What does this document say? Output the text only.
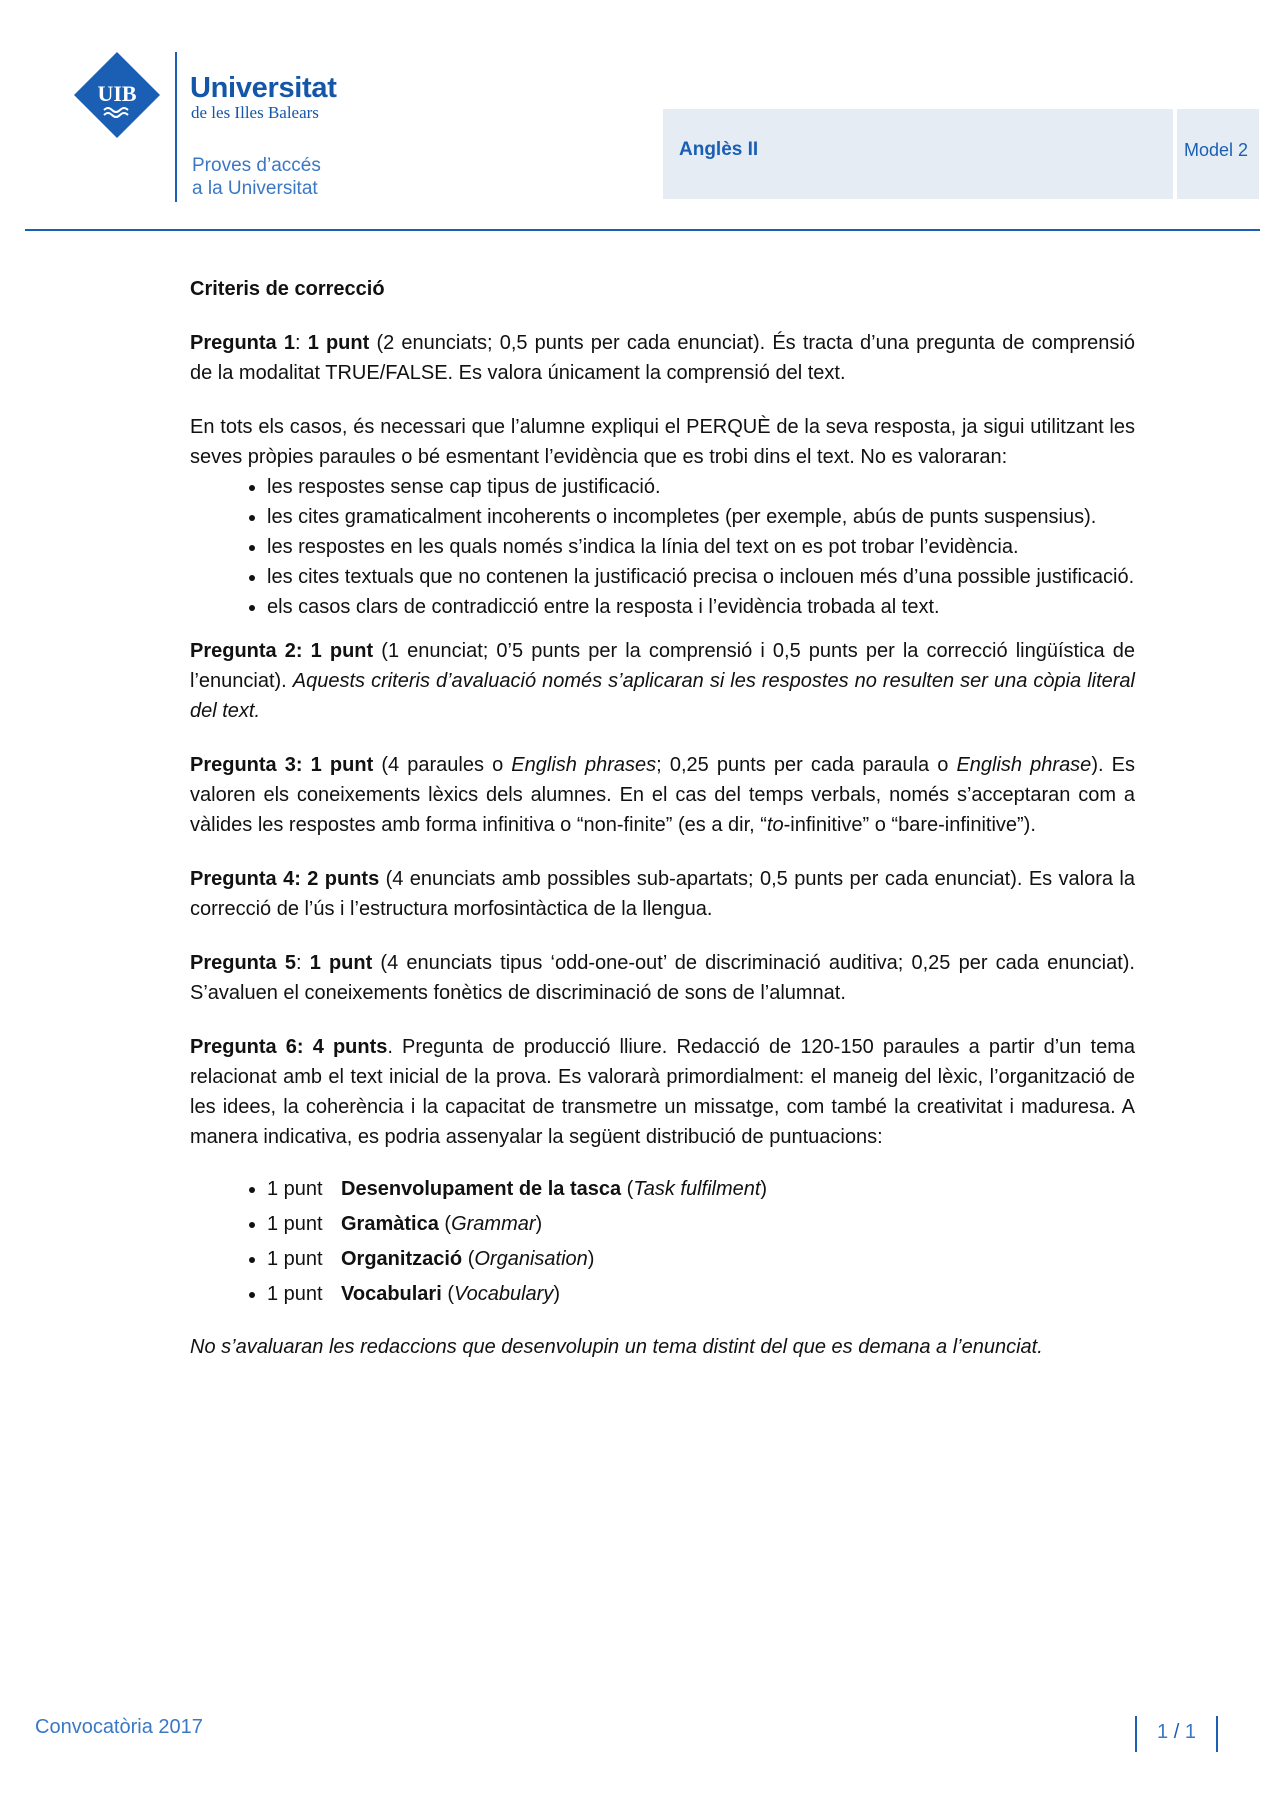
UIB Universitat
de les Illes Balears
Proves d’accés
a la Universitat
Anglès II	Model 2
Criteris de correcció

Pregunta 1: 1 punt (2 enunciats; 0,5 punts per cada enunciat). És tracta d’una pregunta de comprensió de la modalitat TRUE/FALSE. Es valora únicament la comprensió del text.

En tots els casos, és necessari que l’alumne expliqui el PERQUÈ de la seva resposta, ja sigui utilitzant les seves pròpies paraules o bé esmentant l’evidència que es trobi dins el text. No es valoraran:

• les respostes sense cap tipus de justificació.
• les cites gramaticalment incoherents o incompletes (per exemple, abús de punts suspensius).
• les respostes en les quals només s’indica la línia del text on es pot trobar l’evidència.
• les cites textuals que no contenen la justificació precisa o inclouen més d’una possible justificació.
• els casos clars de contradicció entre la resposta i l’evidència trobada al text.

Pregunta 2: 1 punt (1 enunciat; 0’5 punts per la comprensió i 0,5 punts per la correcció lingüística de l’enunciat). Aquests criteris d’avaluació només s’aplicaran si les respostes no resulten ser una còpia literal del text.

Pregunta 3: 1 punt (4 paraules o English phrases; 0,25 punts per cada paraula o English phrase). Es valoren els coneixements lèxics dels alumnes. En el cas del temps verbals, només s’acceptaran com a vàlides les respostes amb forma infinitiva o “non-finite” (es a dir, “to-infinitive” o “bare-infinitive”).

Pregunta 4: 2 punts (4 enunciats amb possibles sub-apartats; 0,5 punts per cada enunciat). Es valora la correcció de l’ús i l’estructura morfosintàctica de la llengua.

Pregunta 5: 1 punt (4 enunciats tipus ‘odd-one-out’ de discriminació auditiva; 0,25 per cada enunciat). S’avaluen el coneixements fonètics de discriminació de sons de l’alumnat.

Pregunta 6: 4 punts. Pregunta de producció lliure. Redacció de 120-150 paraules a partir d’un tema relacionat amb el text inicial de la prova. Es valorarà primordialment: el maneig del lèxic, l’organització de les idees, la coherència i la capacitat de transmetre un missatge, com també la creativitat i maduresa. A manera indicativa, es podria assenyalar la següent distribució de puntuacions:

• 1 punt Desenvolupament de la tasca (Task fulfilment)
• 1 punt Gramàtica (Grammar)
• 1 punt Organització (Organisation)
• 1 punt Vocabulari (Vocabulary)

No s’avaluaran les redaccions que desenvolupin un tema distint del que es demana a l’enunciat.

Convocatòria 2017	1 / 1
